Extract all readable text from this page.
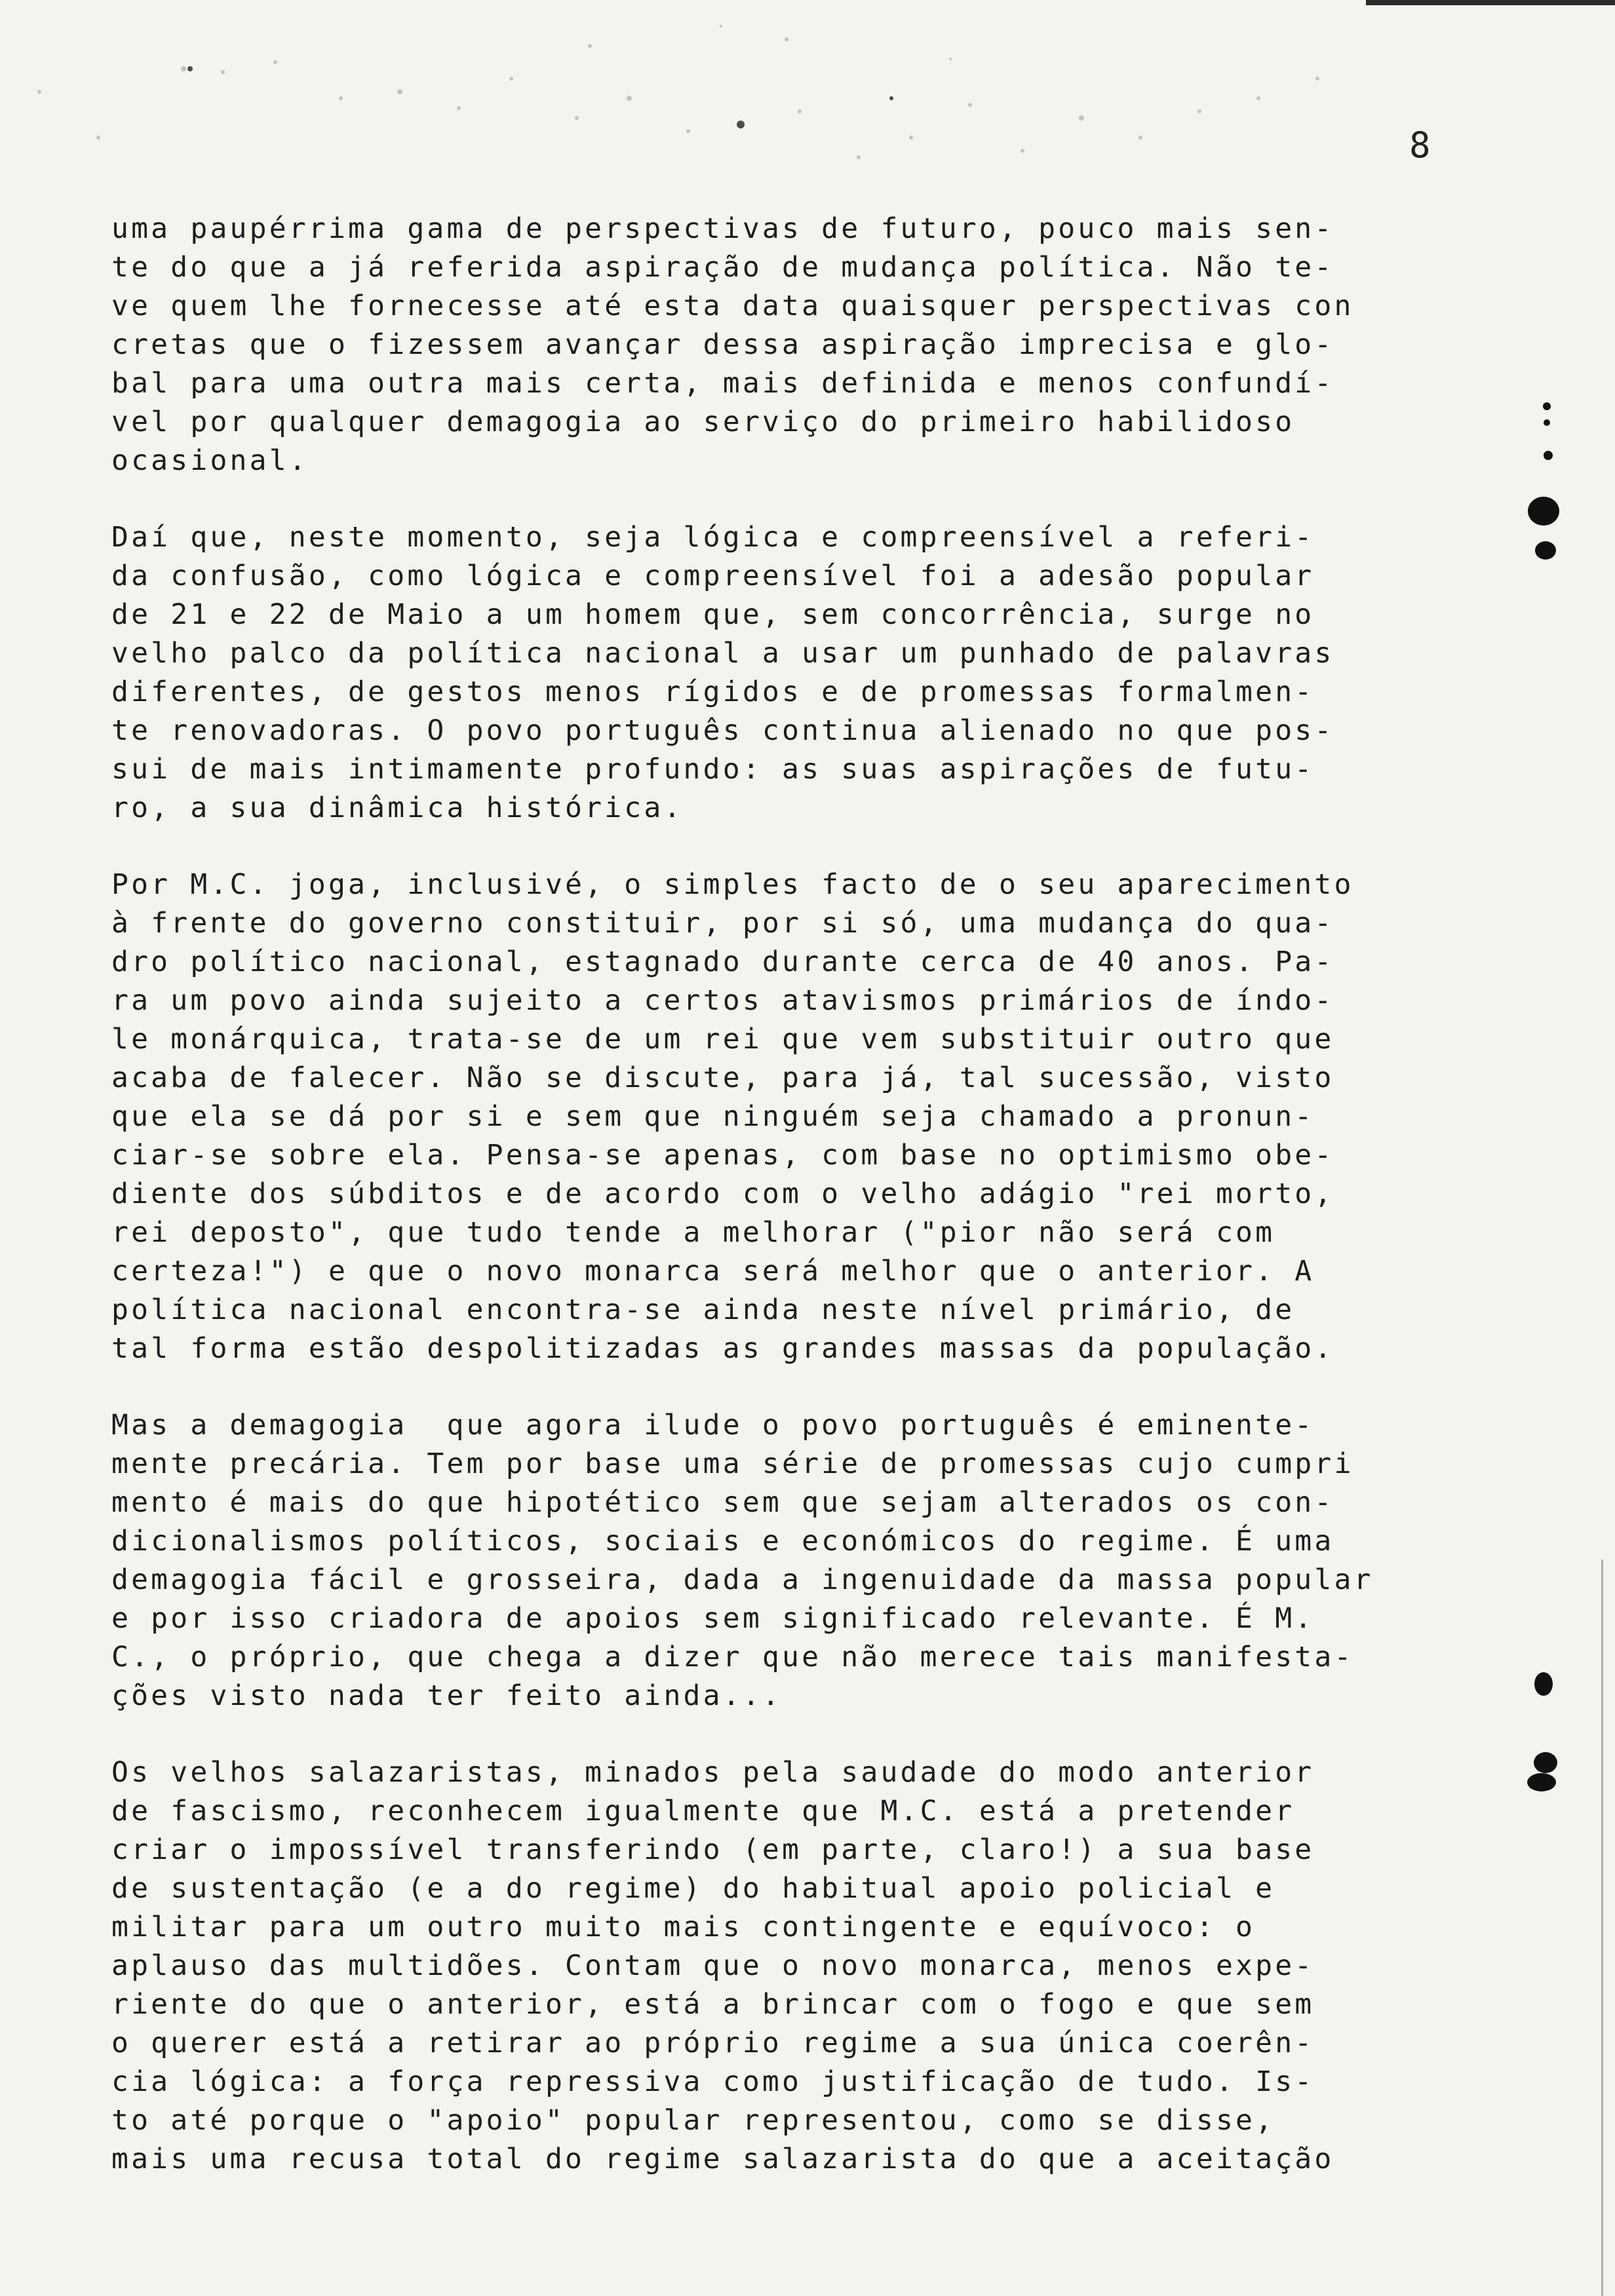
8
uma paupérrima gama de perspectivas de futuro, pouco mais sen-
te do que a já referida aspiração de mudança política. Não te-
ve quem lhe fornecesse até esta data quaisquer perspectivas con
cretas que o fizessem avançar dessa aspiração imprecisa e glo-
bal para uma outra mais certa, mais definida e menos confundí-
vel por qualquer demagogia ao serviço do primeiro habilidoso
ocasional.
Daí que, neste momento, seja lógica e compreensível a referi-
da confusão, como lógica e compreensível foi a adesão popular
de 21 e 22 de Maio a um homem que, sem concorrência, surge no
velho palco da política nacional a usar um punhado de palavras
diferentes, de gestos menos rígidos e de promessas formalmen-
te renovadoras. O povo português continua alienado no que pos-
sui de mais intimamente profundo: as suas aspirações de futu-
ro, a sua dinâmica histórica.
Por M.C. joga, inclusivé, o simples facto de o seu aparecimento
à frente do governo constituir, por si só, uma mudança do qua-
dro político nacional, estagnado durante cerca de 40 anos. Pa-
ra um povo ainda sujeito a certos atavismos primários de índo-
le monárquica, trata-se de um rei que vem substituir outro que
acaba de falecer. Não se discute, para já, tal sucessão, visto
que ela se dá por si e sem que ninguém seja chamado a pronun-
ciar-se sobre ela. Pensa-se apenas, com base no optimismo obe-
diente dos súbditos e de acordo com o velho adágio "rei morto,
rei deposto", que tudo tende a melhorar ("pior não será com
certeza!") e que o novo monarca será melhor que o anterior. A
política nacional encontra-se ainda neste nível primário, de
tal forma estão despolitizadas as grandes massas da população.
Mas a demagogia  que agora ilude o povo português é eminente-
mente precária. Tem por base uma série de promessas cujo cumpri
mento é mais do que hipotético sem que sejam alterados os con-
dicionalismos políticos, sociais e económicos do regime. É uma
demagogia fácil e grosseira, dada a ingenuidade da massa popular
e por isso criadora de apoios sem significado relevante. É M.
C., o próprio, que chega a dizer que não merece tais manifesta-
ções visto nada ter feito ainda...
Os velhos salazaristas, minados pela saudade do modo anterior
de fascismo, reconhecem igualmente que M.C. está a pretender
criar o impossível transferindo (em parte, claro!) a sua base
de sustentação (e a do regime) do habitual apoio policial e
militar para um outro muito mais contingente e equívoco: o
aplauso das multidões. Contam que o novo monarca, menos expe-
riente do que o anterior, está a brincar com o fogo e que sem
o querer está a retirar ao próprio regime a sua única coerên-
cia lógica: a força repressiva como justificação de tudo. Is-
to até porque o "apoio" popular representou, como se disse,
mais uma recusa total do regime salazarista do que a aceitação
